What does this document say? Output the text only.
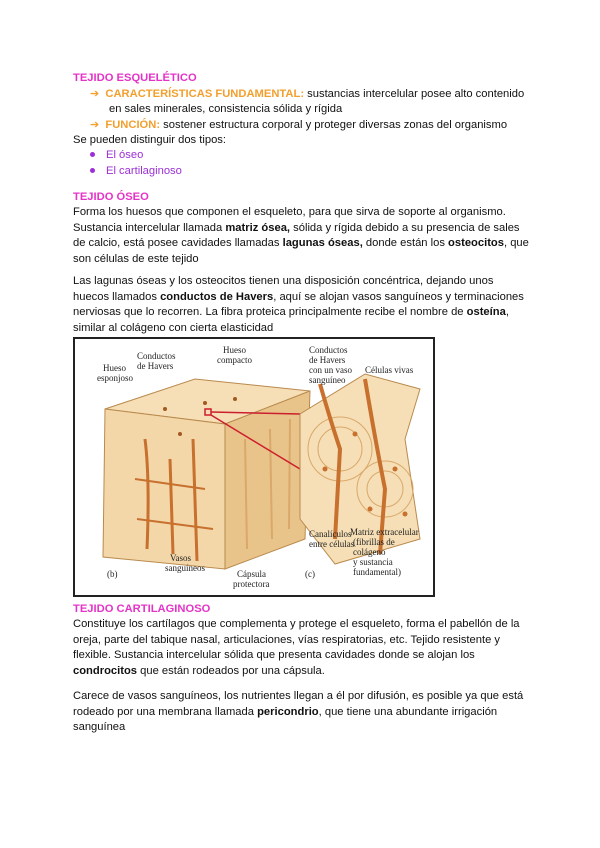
TEJIDO ESQUELÉTICO
➔ CARACTERÍSTICAS FUNDAMENTAL: sustancias intercelular posee alto contenido
en sales minerales, consistencia sólida y rígida
➔ FUNCIÓN: sostener estructura corporal y proteger diversas zonas del organismo
Se pueden distinguir dos tipos:
El óseo
El cartilaginoso
TEJIDO ÓSEO
Forma los huesos que componen el esqueleto, para que sirva de soporte al organismo.
Sustancia intercelular llamada matriz ósea, sólida y rígida debido a su presencia de sales
de calcio, está posee cavidades llamadas lagunas óseas, donde están los osteocitos, que
son células de este tejido
Las lagunas óseas y los osteocitos tienen una disposición concéntrica, dejando unos
huecos llamados conductos de Havers, aquí se alojan vasos sanguíneos y terminaciones
nerviosas que lo recorren. La fibra proteica principalmente recibe el nombre de osteína,
similar al colágeno con cierta elasticidad
Hueso
esponjoso
Conductos
de Havers
Hueso
compacto
Vasos
sanguíneos
Cápsula
protectora
Conductos
de Havers
con un vaso
sanguíneo
Células vivas
Canalículos
entre células
Matriz extracelular
(fibrillas de
colágeno
y sustancia
fundamental)
(b)	(c)
TEJIDO CARTILAGINOSO
Constituye los cartílagos que complementa y protege el esqueleto, forma el pabellón de la
oreja, parte del tabique nasal, articulaciones, vías respiratorias, etc. Tejido resistente y
flexible. Sustancia intercelular sólida que presenta cavidades donde se alojan los
condrocitos que están rodeados por una cápsula.
Carece de vasos sanguíneos, los nutrientes llegan a él por difusión, es posible ya que está
rodeado por una membrana llamada pericondrio, que tiene una abundante irrigación
sanguínea
